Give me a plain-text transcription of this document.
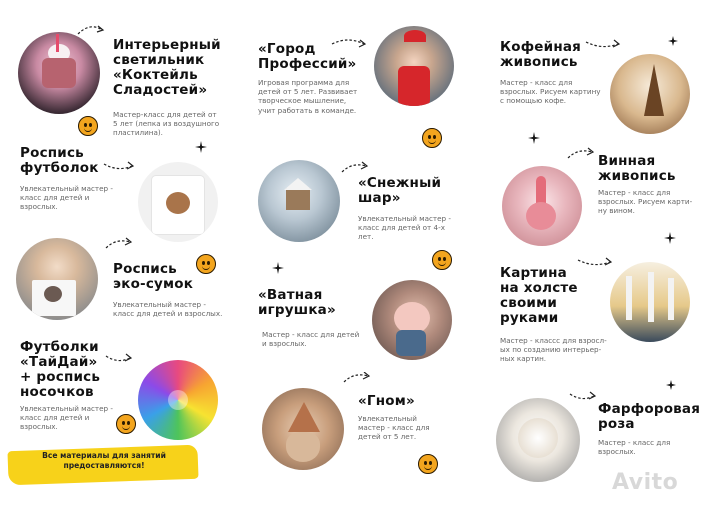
Интерьерный
светильник
«Коктейль
Сладостей»
Мастер-класс для детей от
5 лет (лепка из воздушного
пластилина).
Роспись
футболок
Увлекательный мастер -
класс для детей и
взрослых.
Роспись
эко-сумок
Увлекательный мастер -
класс для детей и взрослых.
Футболки
«ТайДай»
+ роспись
носочков
Увлекательный мастер -
класс для детей и
взрослых.
Все материалы для занятий
предоставляются!
«Город
Профессий»
Игровая программа для
детей от 5 лет. Развивает
творческое мышление,
учит работать в команде.
«Снежный
шар»
Увлекательный мастер -
класс для детей от 4-х
лет.
«Ватная
игрушка»
Мастер - класс для детей
и взрослых.
«Гном»
Увлекательный
мастер - класс для
детей от 5 лет.
Кофейная
живопись
Мастер - класс для
взрослых. Рисуем картину
с помощью кофе.
Винная
живопись
Мастер - класс для
взрослых. Рисуем карти-
ну вином.
Картина
на холсте
своими
руками
Мастер - классс для взросл-
ых по созданию интерьер-
ных картин.
Фарфоровая
роза
Мастер - класс для
взрослых.
Avito
